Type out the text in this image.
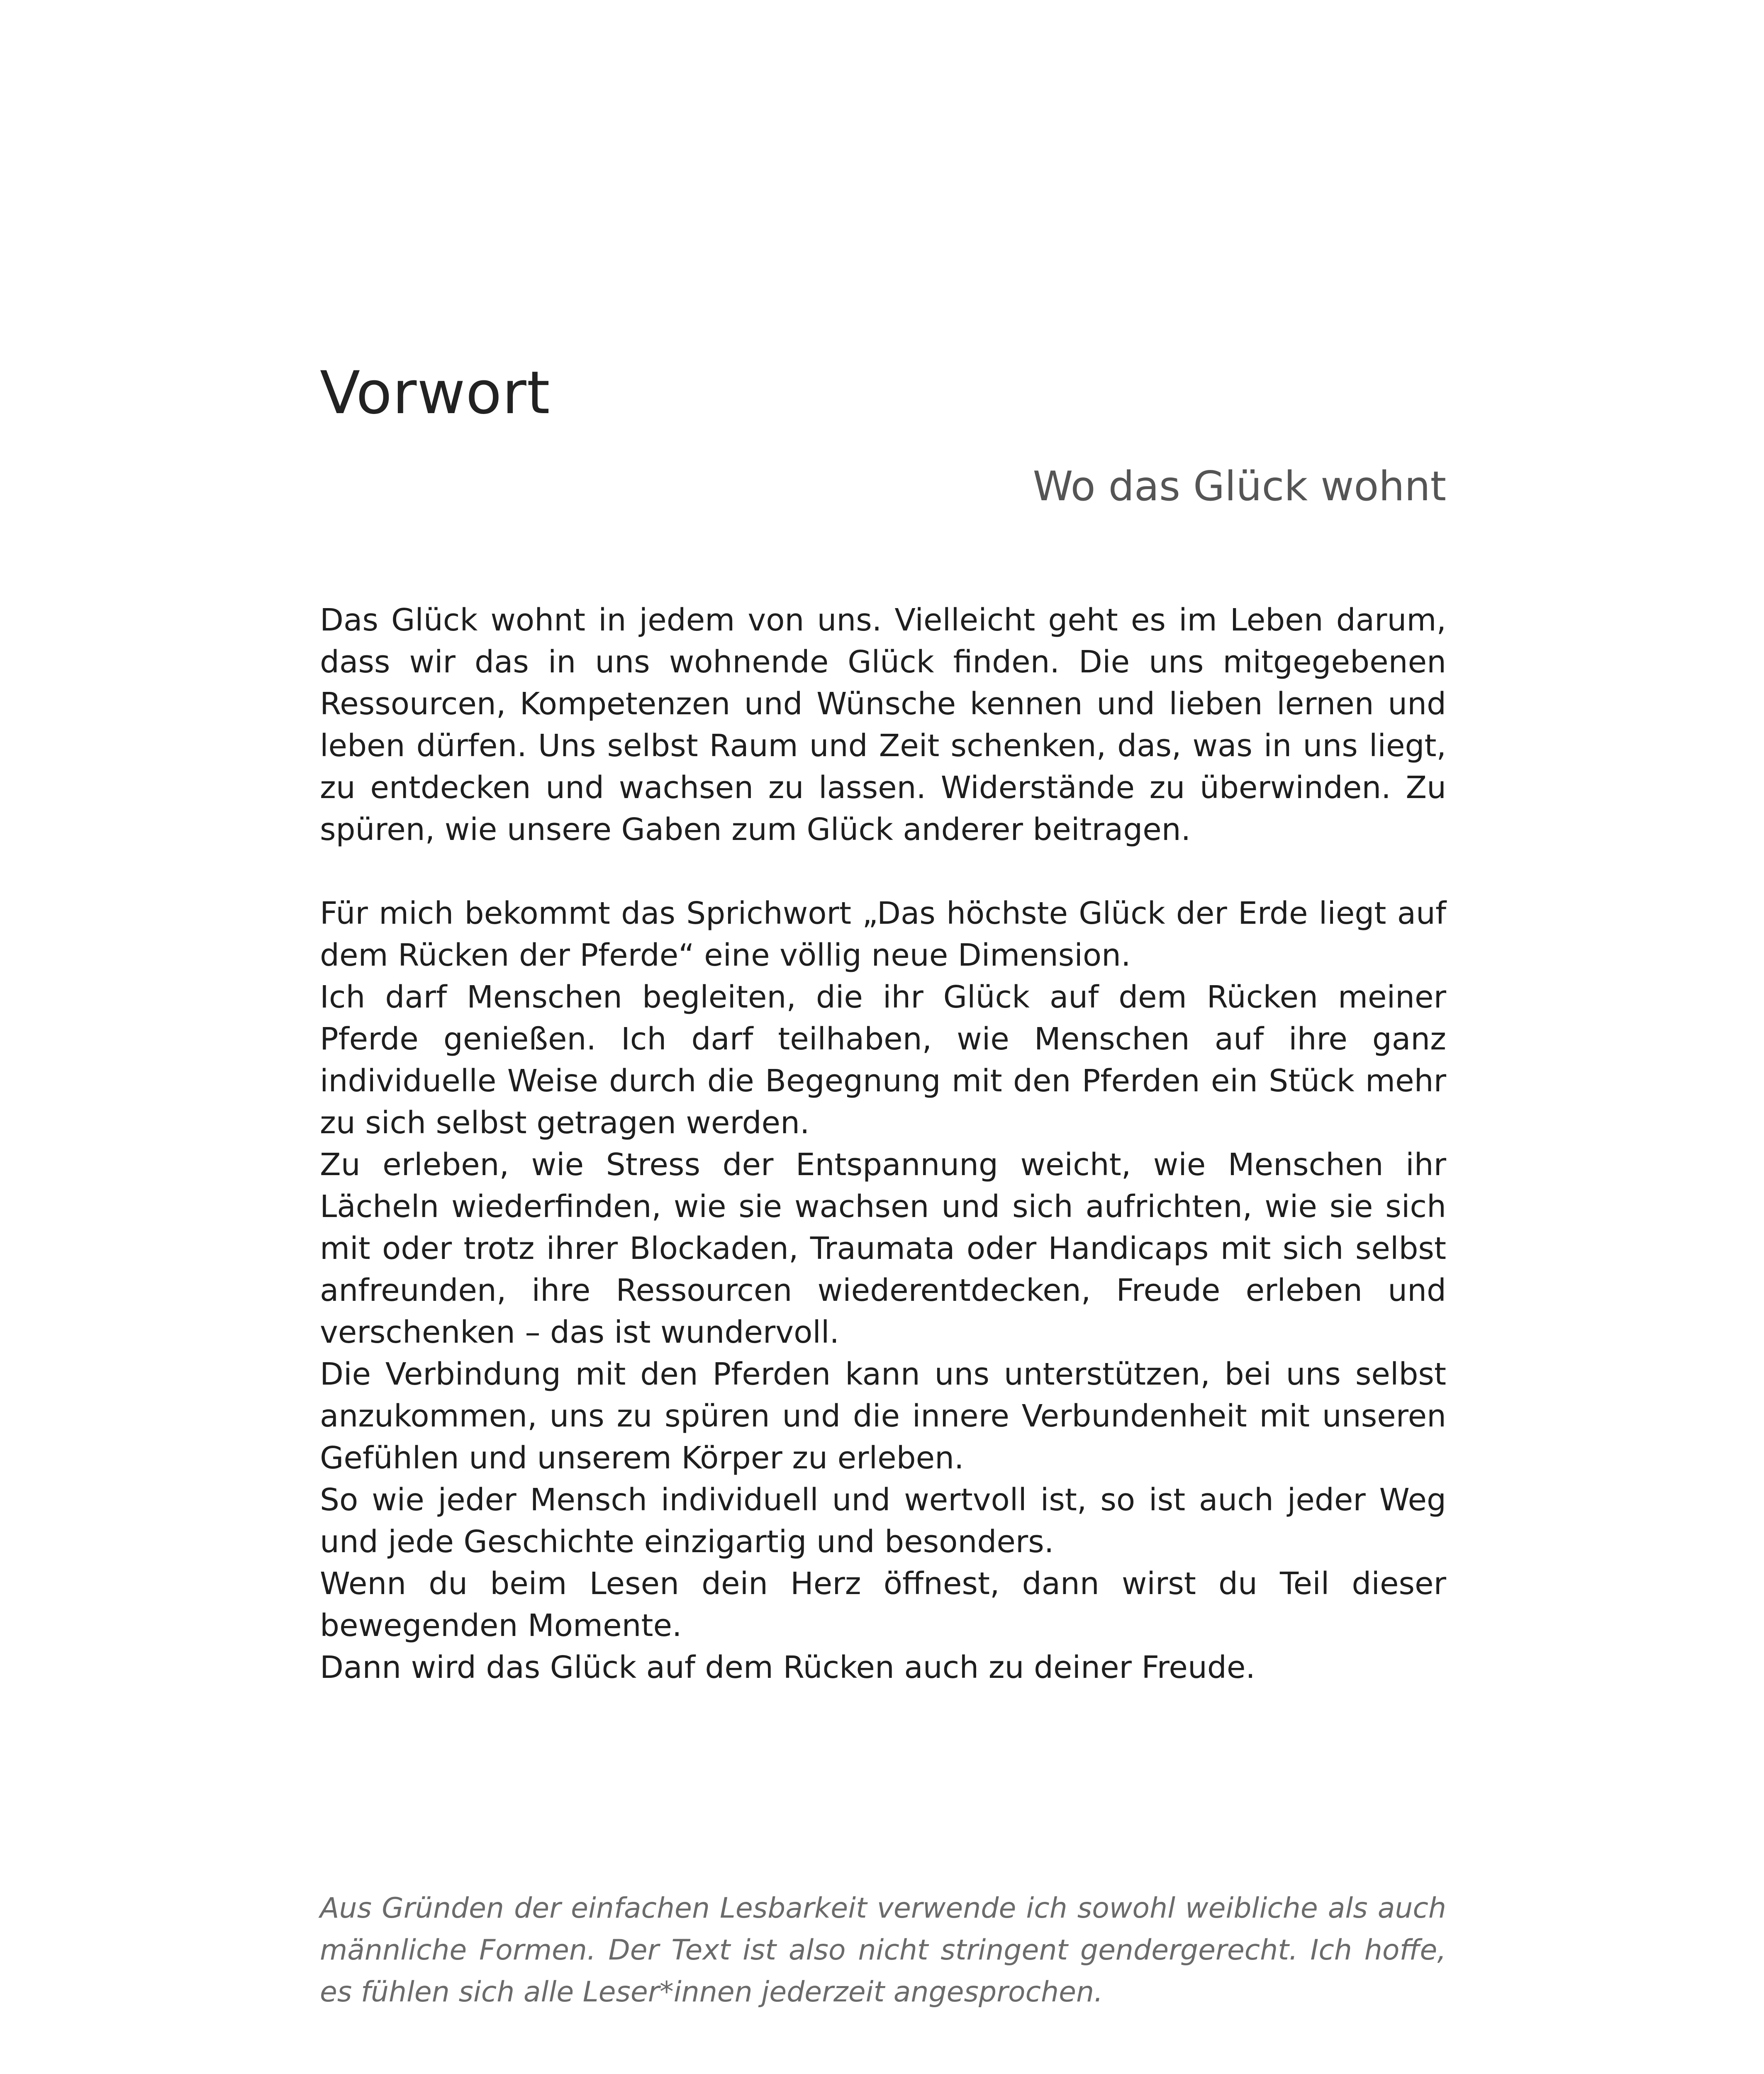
Vorwort
Wo das Glück wohnt

Das Glück wohnt in jedem von uns. Vielleicht geht es im Leben darum, dass wir das in uns wohnende Glück finden. Die uns mitgegebenen Ressourcen, Kompetenzen und Wünsche kennen und lieben lernen und leben dürfen. Uns selbst Raum und Zeit schenken, das, was in uns liegt, zu entdecken und wachsen zu lassen. Widerstände zu überwinden. Zu spüren, wie unsere Gaben zum Glück anderer beitragen.

Für mich bekommt das Sprichwort „Das höchste Glück der Erde liegt auf dem Rücken der Pferde“ eine völlig neue Dimension.

Ich darf Menschen begleiten, die ihr Glück auf dem Rücken meiner Pferde genießen. Ich darf teilhaben, wie Menschen auf ihre ganz individuelle Weise durch die Begegnung mit den Pferden ein Stück mehr zu sich selbst getragen werden.

Zu erleben, wie Stress der Entspannung weicht, wie Menschen ihr Lächeln wiederfinden, wie sie wachsen und sich aufrichten, wie sie sich mit oder trotz ihrer Blockaden, Traumata oder Handicaps mit sich selbst anfreunden, ihre Ressourcen wiederentdecken, Freude erleben und verschenken – das ist wundervoll.

Die Verbindung mit den Pferden kann uns unterstützen, bei uns selbst anzukommen, uns zu spüren und die innere Verbundenheit mit unseren Gefühlen und unserem Körper zu erleben.

So wie jeder Mensch individuell und wertvoll ist, so ist auch jeder Weg und jede Geschichte einzigartig und besonders.

Wenn du beim Lesen dein Herz öffnest, dann wirst du Teil dieser bewegenden Momente.

Dann wird das Glück auf dem Rücken auch zu deiner Freude.

Aus Gründen der einfachen Lesbarkeit verwende ich sowohl weibliche als auch männliche Formen. Der Text ist also nicht stringent gendergerecht. Ich hoffe, es fühlen sich alle Leser*innen jederzeit angesprochen.
